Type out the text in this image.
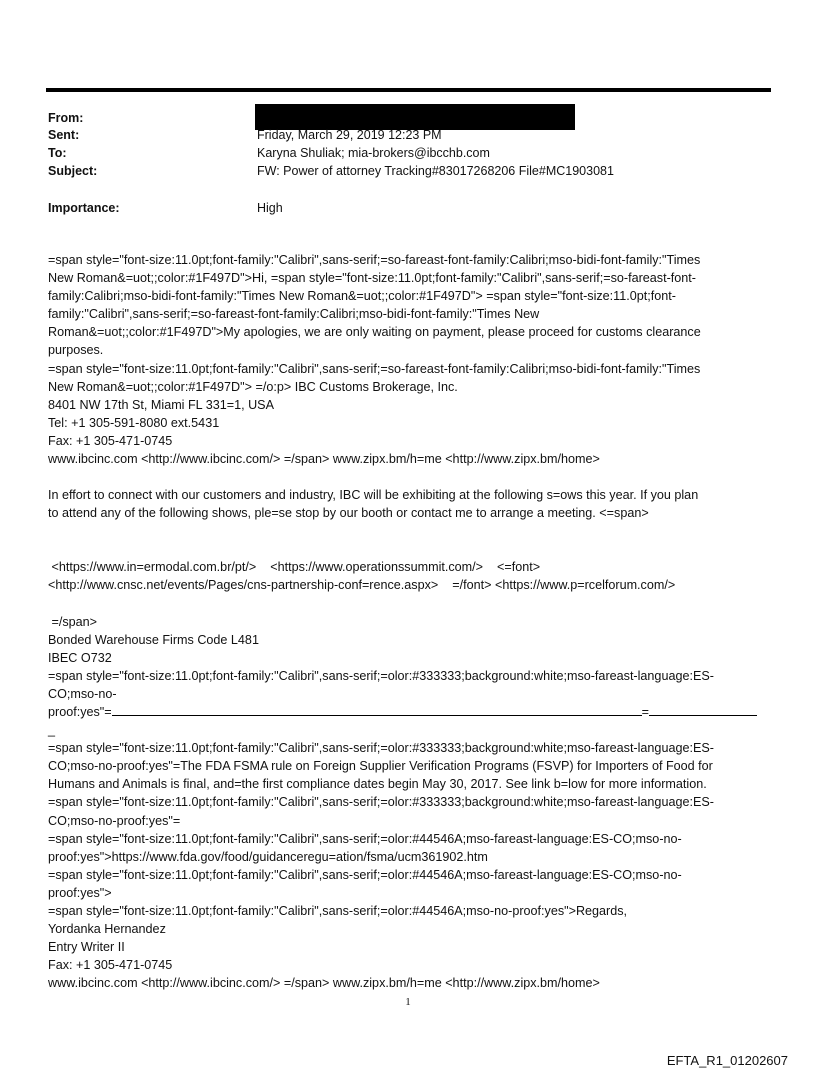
From:
Sent:	Friday, March 29, 2019 12:23 PM
To:	Karyna Shuliak; mia-brokers@ibcchb.com
Subject:	FW: Power of attorney Tracking#83017268206 File#MC1903081
Importance:	High

=span style="font-size:11.0pt;font-family:"Calibri",sans-serif;=so-fareast-font-family:Calibri;mso-bidi-font-family:"Times

New Roman&=uot;;color:#1F497D">Hi, =span style="font-size:11.0pt;font-family:"Calibri",sans-serif;=so-fareast-font-

family:Calibri;mso-bidi-font-family:"Times New Roman&=uot;;color:#1F497D"> =span style="font-size:11.0pt;font-

family:"Calibri",sans-serif;=so-fareast-font-family:Calibri;mso-bidi-font-family:"Times New

Roman&=uot;;color:#1F497D">My apologies, we are only waiting on payment, please proceed for customs clearance

purposes.

=span style="font-size:11.0pt;font-family:"Calibri",sans-serif;=so-fareast-font-family:Calibri;mso-bidi-font-family:"Times

New Roman&=uot;;color:#1F497D"> =/o:p> IBC Customs Brokerage, Inc.

8401 NW 17th St, Miami FL 331=1, USA

Tel: +1 305-591-8080 ext.5431

Fax: +1 305-471-0745

www.ibcinc.com <http://www.ibcinc.com/> =/span> www.zipx.bm/h=me <http://www.zipx.bm/home>

In effort to connect with our customers and industry, IBC will be exhibiting at the following s=ows this year. If you plan

to attend any of the following shows, ple=se stop by our booth or contact me to arrange a meeting. <=span>

<https://www.in=ermodal.com.br/pt/>    <https://www.operationssummit.com/>    <=font>

<http://www.cnsc.net/events/Pages/cns-partnership-conf=rence.aspx>    =/font> <https://www.p=rcelforum.com/>

=/span>

Bonded Warehouse Firms Code L481

IBEC O732

=span style="font-size:11.0pt;font-family:"Calibri",sans-serif;=olor:#333333;background:white;mso-fareast-language:ES-

CO;mso-no-

proof:yes"=	=

_

=span style="font-size:11.0pt;font-family:"Calibri",sans-serif;=olor:#333333;background:white;mso-fareast-language:ES-

CO;mso-no-proof:yes"=The FDA FSMA rule on Foreign Supplier Verification Programs (FSVP) for Importers of Food for

Humans and Animals is final, and=the first compliance dates begin May 30, 2017. See link b=low for more information.

=span style="font-size:11.0pt;font-family:"Calibri",sans-serif;=olor:#333333;background:white;mso-fareast-language:ES-

CO;mso-no-proof:yes"=

=span style="font-size:11.0pt;font-family:"Calibri",sans-serif;=olor:#44546A;mso-fareast-language:ES-CO;mso-no-

proof:yes">https://www.fda.gov/food/guidanceregu=ation/fsma/ucm361902.htm

=span style="font-size:11.0pt;font-family:"Calibri",sans-serif;=olor:#44546A;mso-fareast-language:ES-CO;mso-no-

proof:yes">

=span style="font-size:11.0pt;font-family:"Calibri",sans-serif;=olor:#44546A;mso-no-proof:yes">Regards,

Yordanka Hernandez

Entry Writer II

Fax: +1 305-471-0745

www.ibcinc.com <http://www.ibcinc.com/> =/span> www.zipx.bm/h=me <http://www.zipx.bm/home>

1
EFTA_R1_01202607
